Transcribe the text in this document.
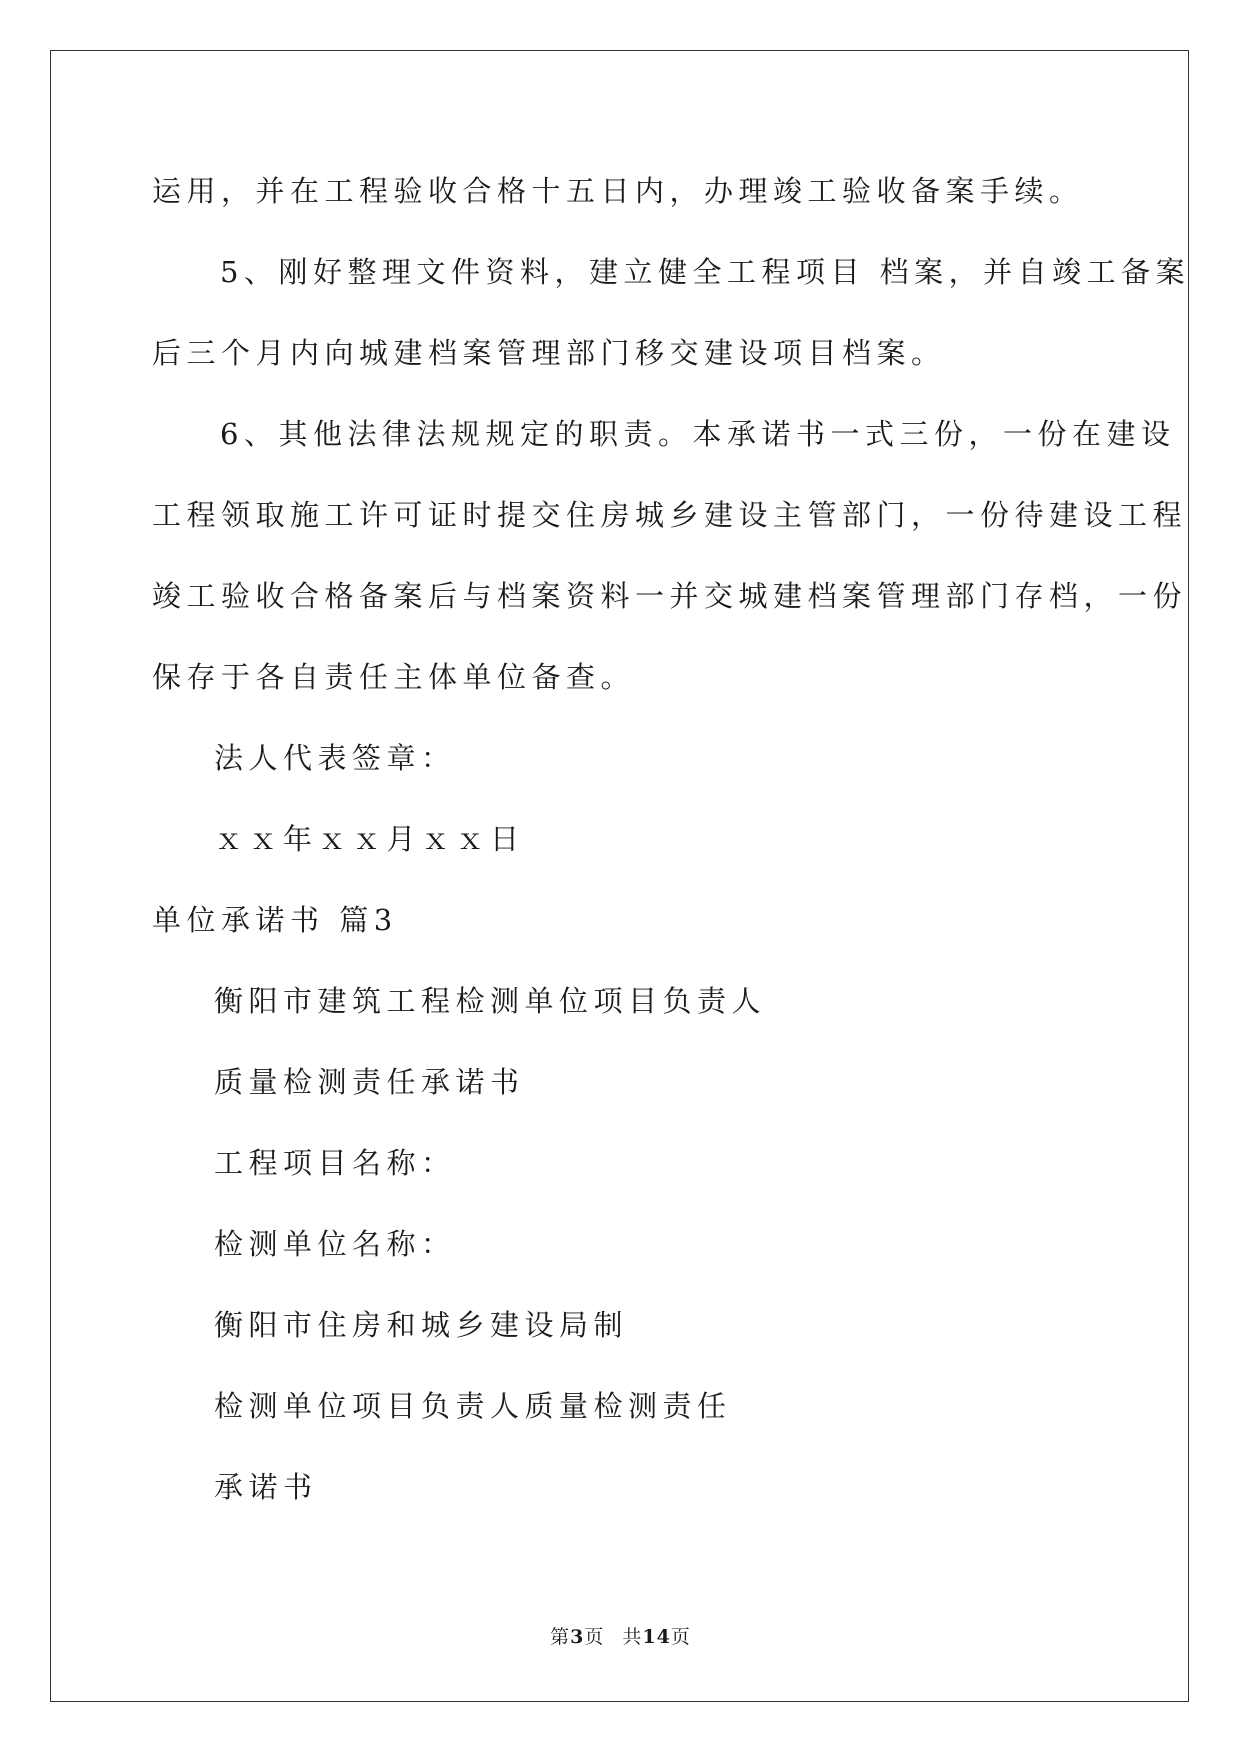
运用，并在工程验收合格十五日内，办理竣工验收备案手续。
5、刚好整理文件资料，建立健全工程项目 档案，并自竣工备案
后三个月内向城建档案管理部门移交建设项目档案。
6、其他法律法规规定的职责。本承诺书一式三份，一份在建设
工程领取施工许可证时提交住房城乡建设主管部门，一份待建设工程
竣工验收合格备案后与档案资料一并交城建档案管理部门存档，一份
保存于各自责任主体单位备查。
法人代表签章：
ｘｘ年ｘｘ月ｘｘ日
单位承诺书 篇3
衡阳市建筑工程检测单位项目负责人
质量检测责任承诺书
工程项目名称：
检测单位名称：
衡阳市住房和城乡建设局制
检测单位项目负责人质量检测责任
承诺书
第3页 共14页
